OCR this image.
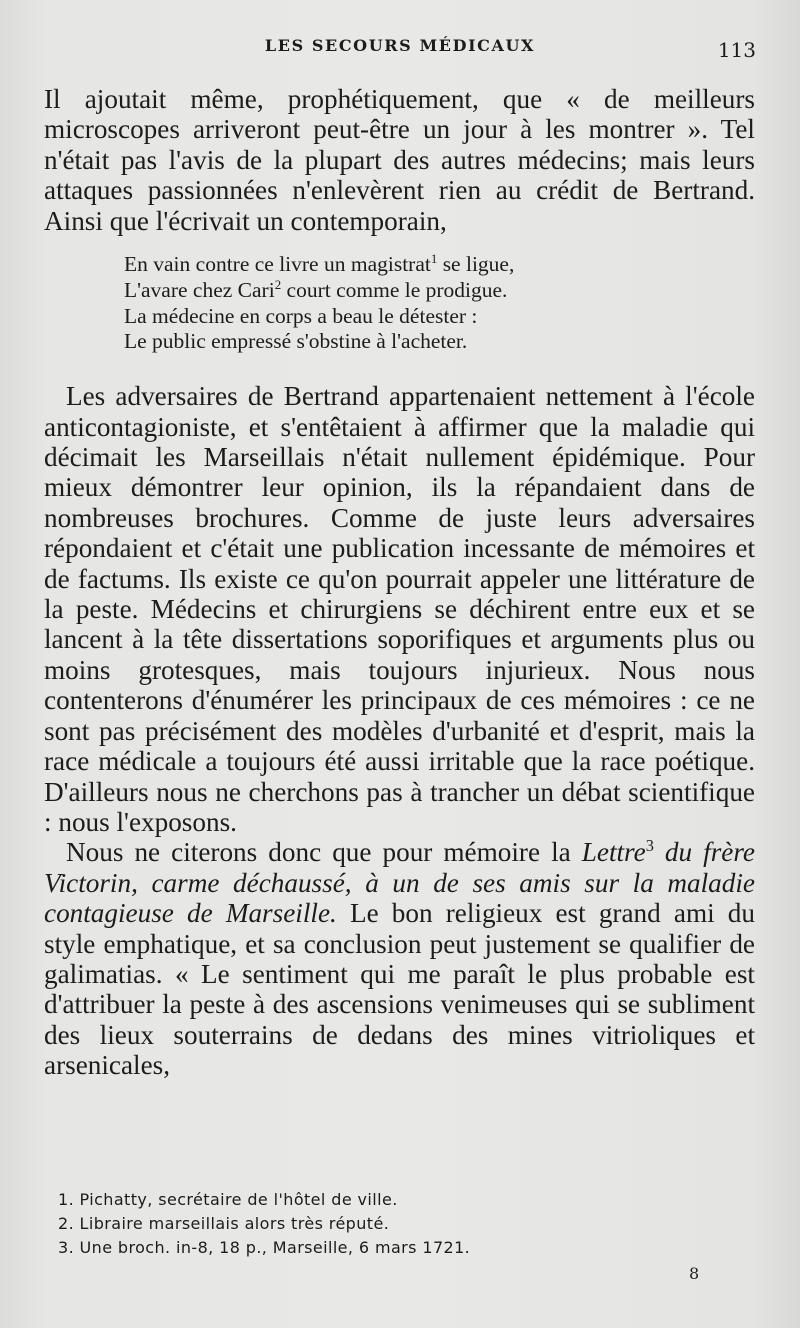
LES SECOURS MÉDICAUX	113

Il ajoutait même, prophétiquement, que « de meilleurs microscopes arriveront peut-être un jour à les montrer ». Tel n'était pas l'avis de la plupart des autres médecins; mais leurs attaques passionnées n'enlevèrent rien au crédit de Bertrand. Ainsi que l'écrivait un contemporain,

En vain contre ce livre un magistrat$^1$ se ligue,
L'avare chez Cari$^2$ court comme le prodigue.
La médecine en corps a beau le détester :
Le public empressé s'obstine à l'acheter.

Les adversaires de Bertrand appartenaient nettement à l'école anticontagioniste, et s'entêtaient à affirmer que la maladie qui décimait les Marseillais n'était nullement épidémique. Pour mieux démontrer leur opinion, ils la répandaient dans de nombreuses brochures. Comme de juste leurs adversaires répondaient et c'était une publication incessante de mémoires et de factums. Ils existe ce qu'on pourrait appeler une littérature de la peste. Médecins et chirurgiens se déchirent entre eux et se lancent à la tête dissertations soporifiques et arguments plus ou moins grotesques, mais toujours injurieux. Nous nous contenterons d'énumérer les principaux de ces mémoires : ce ne sont pas précisément des modèles d'urbanité et d'esprit, mais la race médicale a toujours été aussi irritable que la race poétique. D'ailleurs nous ne cherchons pas à trancher un débat scientifique : nous l'exposons.

Nous ne citerons donc que pour mémoire la Lettre$^3$ du frère Victorin, carme déchaussé, à un de ses amis sur la maladie contagieuse de Marseille. Le bon religieux est grand ami du style emphatique, et sa conclusion peut justement se qualifier de galimatias. « Le sentiment qui me paraît le plus probable est d'attribuer la peste à des ascensions venimeuses qui se subliment des lieux souterrains de dedans des mines vitrioliques et arsenicales,

1. Pichatty, secrétaire de l'hôtel de ville.
2. Libraire marseillais alors très réputé.
3. Une broch. in-8, 18 p., Marseille, 6 mars 1721.
8
